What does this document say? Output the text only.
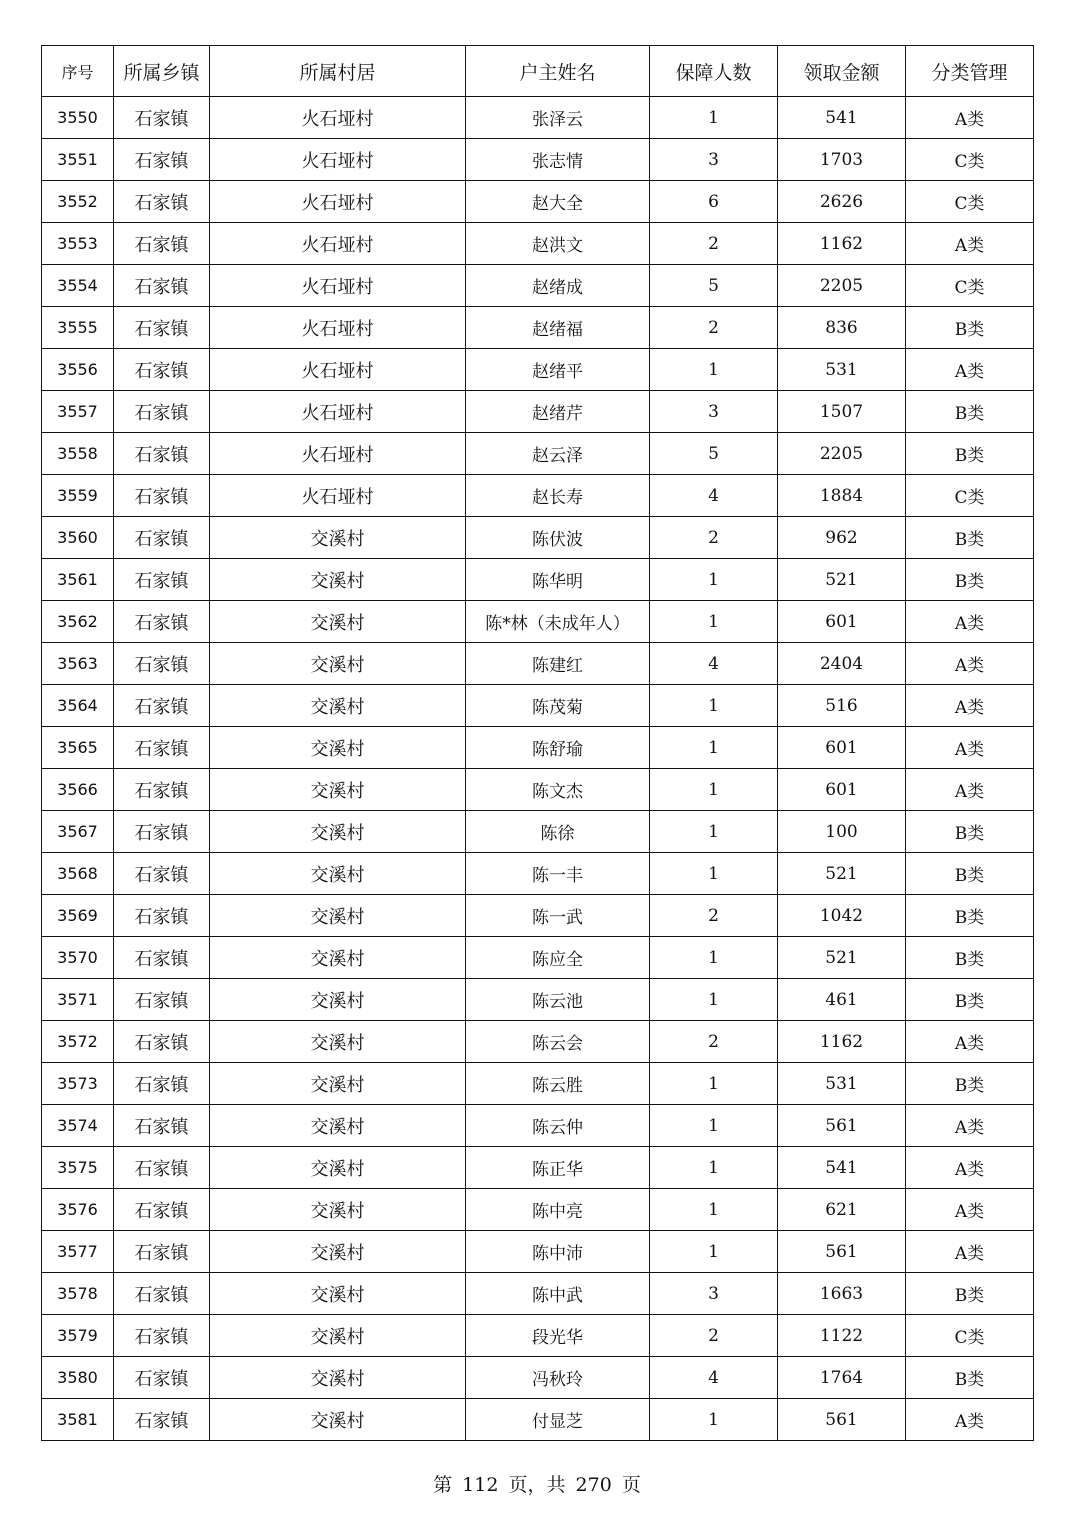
序号	所属乡镇	所属村居	户主姓名	保障人数	领取金额	分类管理
3550	石家镇	火石垭村	张泽云	1	541	A类
3551	石家镇	火石垭村	张志情	3	1703	C类
3552	石家镇	火石垭村	赵大全	6	2626	C类
3553	石家镇	火石垭村	赵洪文	2	1162	A类
3554	石家镇	火石垭村	赵绪成	5	2205	C类
3555	石家镇	火石垭村	赵绪福	2	836	B类
3556	石家镇	火石垭村	赵绪平	1	531	A类
3557	石家镇	火石垭村	赵绪芹	3	1507	B类
3558	石家镇	火石垭村	赵云泽	5	2205	B类
3559	石家镇	火石垭村	赵长寿	4	1884	C类
3560	石家镇	交溪村	陈伏波	2	962	B类
3561	石家镇	交溪村	陈华明	1	521	B类
3562	石家镇	交溪村	陈*林（未成年人）	1	601	A类
3563	石家镇	交溪村	陈建红	4	2404	A类
3564	石家镇	交溪村	陈茂菊	1	516	A类
3565	石家镇	交溪村	陈舒瑜	1	601	A类
3566	石家镇	交溪村	陈文杰	1	601	A类
3567	石家镇	交溪村	陈徐	1	100	B类
3568	石家镇	交溪村	陈一丰	1	521	B类
3569	石家镇	交溪村	陈一武	2	1042	B类
3570	石家镇	交溪村	陈应全	1	521	B类
3571	石家镇	交溪村	陈云池	1	461	B类
3572	石家镇	交溪村	陈云会	2	1162	A类
3573	石家镇	交溪村	陈云胜	1	531	B类
3574	石家镇	交溪村	陈云仲	1	561	A类
3575	石家镇	交溪村	陈正华	1	541	A类
3576	石家镇	交溪村	陈中亮	1	621	A类
3577	石家镇	交溪村	陈中沛	1	561	A类
3578	石家镇	交溪村	陈中武	3	1663	B类
3579	石家镇	交溪村	段光华	2	1122	C类
3580	石家镇	交溪村	冯秋玲	4	1764	B类
3581	石家镇	交溪村	付显芝	1	561	A类
第 112 页，共 270 页
